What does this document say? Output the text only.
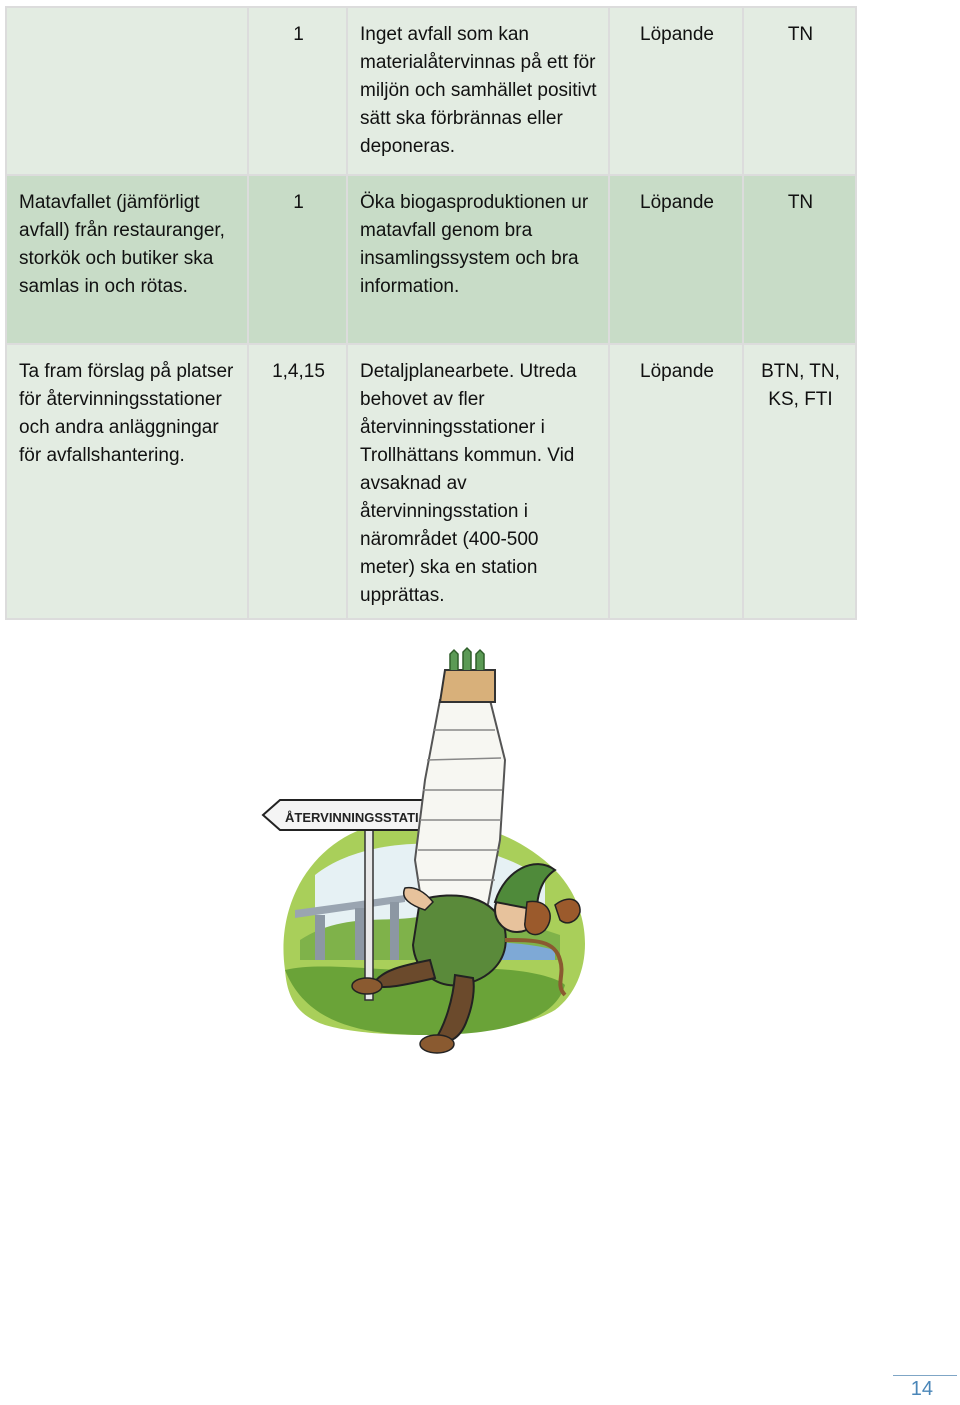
	1	Inget avfall som kan materialåtervinnas på ett för miljön och samhället positivt sätt ska förbrännas eller deponeras.	Löpande	TN
Matavfallet (jämförligt avfall) från restauranger, storkök och butiker ska samlas in och rötas.	1	Öka biogasproduktionen ur matavfall genom bra insamlingssystem och bra information.	Löpande	TN
Ta fram förslag på platser för återvinningsstationer och andra anläggningar för avfallshantering.	1,4,15	Detaljplanearbete. Utreda behovet av fler återvinningsstationer i Trollhättans kommun. Vid avsaknad av återvinningsstation i närområdet (400-500 meter) ska en station upprättas.	Löpande	BTN, TN, KS, FTI
ÅTERVINNINGSSTATI
14
